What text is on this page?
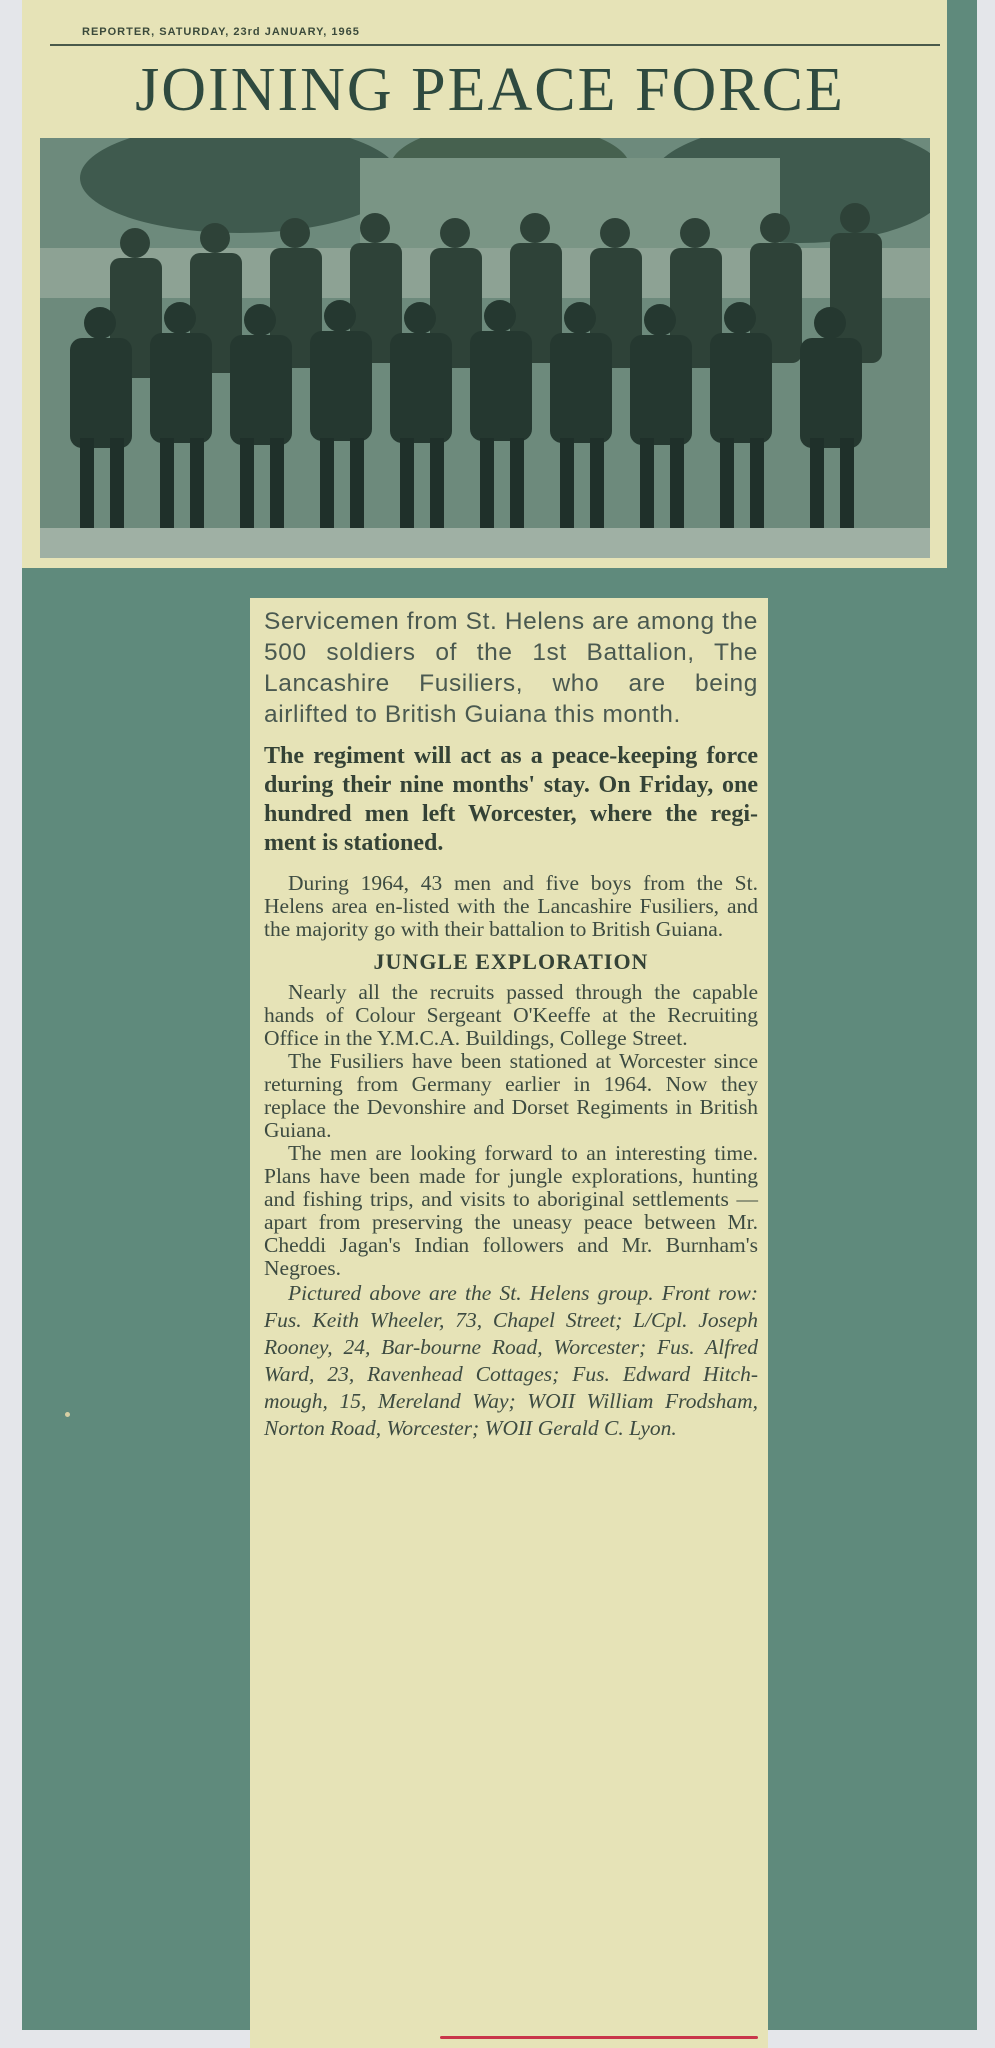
REPORTER, SATURDAY, 23rd JANUARY, 1965
JOINING PEACE FORCE

Servicemen from St. Helens are among the 500 soldiers of the 1st Battalion, The Lancashire Fusiliers, who are being airlifted to British Guiana this month.

The regiment will act as a peace-keeping force during their nine months' stay. On Friday, one hundred men left Worcester, where the regi-ment is stationed.

During 1964, 43 men and five boys from the St. Helens area en-listed with the Lancashire Fusiliers, and the majority go with their battalion to British Guiana.

JUNGLE EXPLORATION

Nearly all the recruits passed through the capable hands of Colour Sergeant O'Keeffe at the Recruiting Office in the Y.M.C.A. Buildings, College Street.

The Fusiliers have been stationed at Worcester since returning from Germany earlier in 1964. Now they replace the Devonshire and Dorset Regiments in British Guiana.

The men are looking forward to an interesting time. Plans have been made for jungle explorations, hunting and fishing trips, and visits to aboriginal settlements — apart from preserving the uneasy peace between Mr. Cheddi Jagan's Indian followers and Mr. Burnham's Negroes.

Pictured above are the St. Helens group. Front row: Fus. Keith Wheeler, 73, Chapel Street; L/Cpl. Joseph Rooney, 24, Bar-bourne Road, Worcester; Fus. Alfred Ward, 23, Ravenhead Cottages; Fus. Edward Hitch-mough, 15, Mereland Way; WOII William Frodsham, Norton Road, Worcester; WOII Gerald C. Lyon.
